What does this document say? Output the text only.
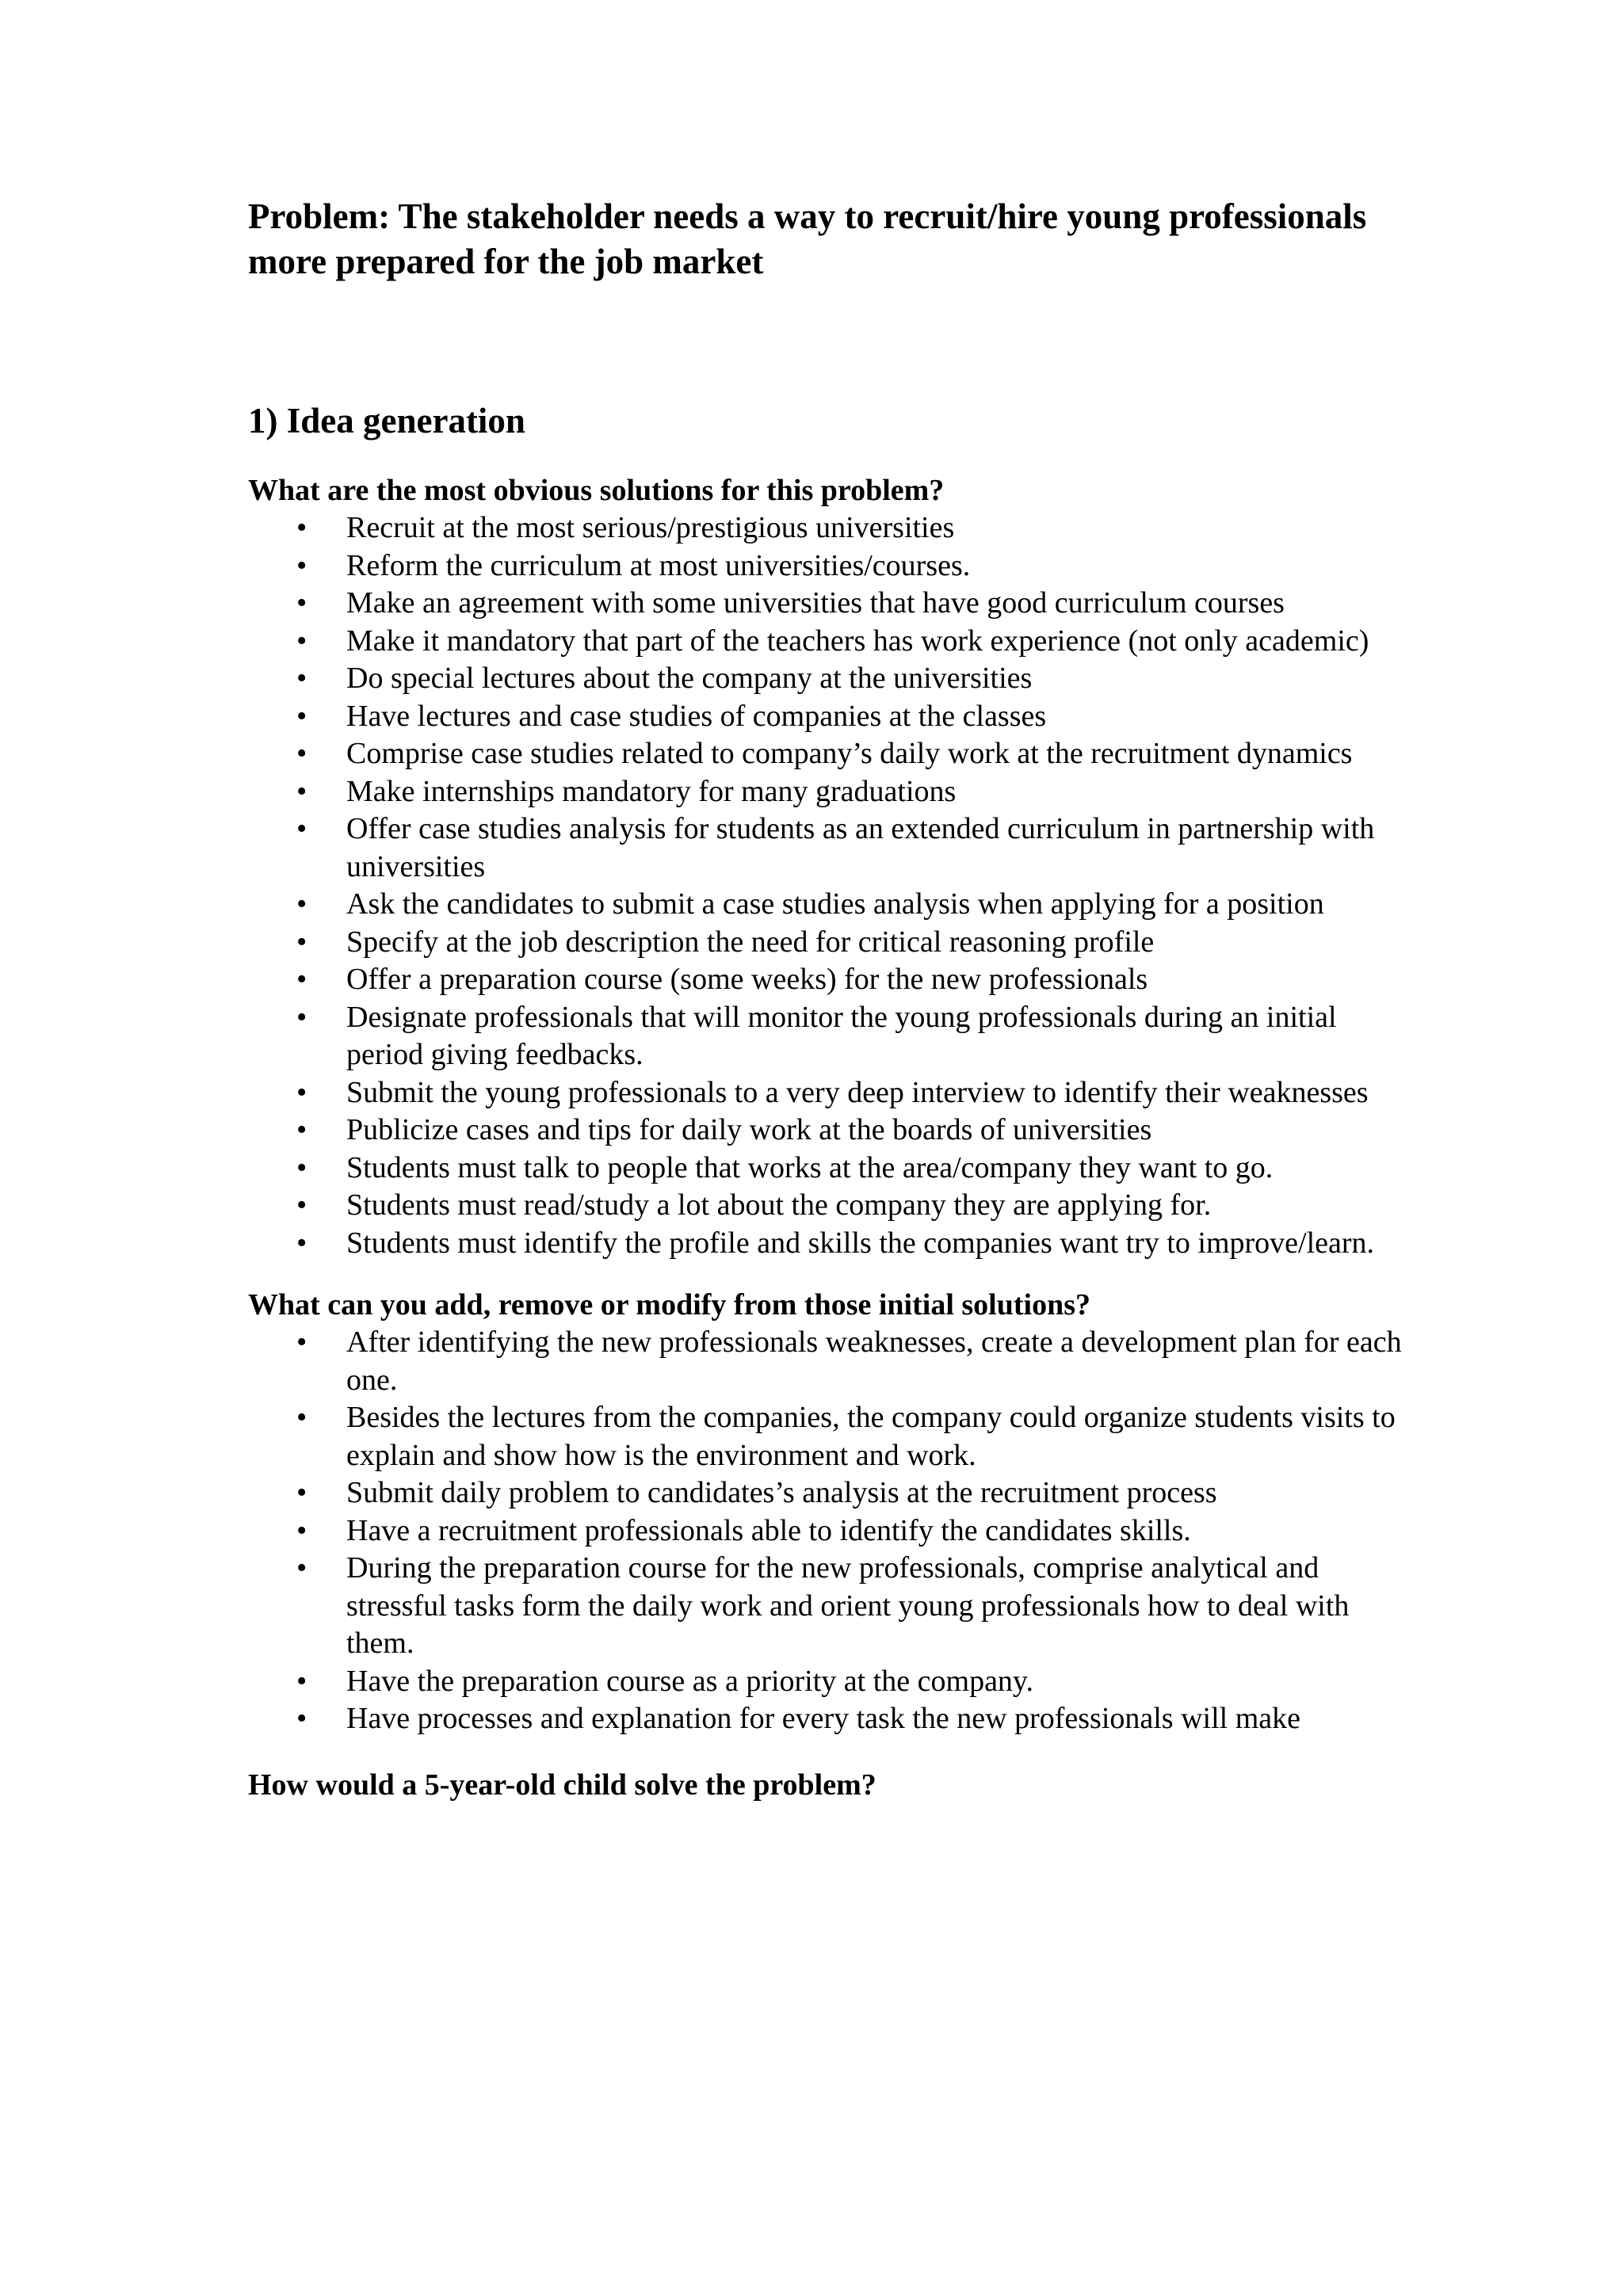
Problem: The stakeholder needs a way to recruit/hire young professionals more prepared for the job market
1) Idea generation
What are the most obvious solutions for this problem?
• Recruit at the most serious/prestigious universities
• Reform the curriculum at most universities/courses.
• Make an agreement with some universities that have good curriculum courses
• Make it mandatory that part of the teachers has work experience (not only academic)
• Do special lectures about the company at the universities
• Have lectures and case studies of companies at the classes
• Comprise case studies related to company’s daily work at the recruitment dynamics
• Make internships mandatory for many graduations
• Offer case studies analysis for students as an extended curriculum in partnership with universities
• Ask the candidates to submit a case studies analysis when applying for a position
• Specify at the job description the need for critical reasoning profile
• Offer a preparation course (some weeks) for the new professionals
• Designate professionals that will monitor the young professionals during an initial period giving feedbacks.
• Submit the young professionals to a very deep interview to identify their weaknesses
• Publicize cases and tips for daily work at the boards of universities
• Students must talk to people that works at the area/company they want to go.
• Students must read/study a lot about the company they are applying for.
• Students must identify the profile and skills the companies want try to improve/learn.
What can you add, remove or modify from those initial solutions?
• After identifying the new professionals weaknesses, create a development plan for each one.
• Besides the lectures from the companies, the company could organize students visits to explain and show how is the environment and work.
• Submit daily problem to candidates’s analysis at the recruitment process
• Have a recruitment professionals able to identify the candidates skills.
• During the preparation course for the new professionals, comprise analytical and stressful tasks form the daily work and orient young professionals how to deal with them.
• Have the preparation course as a priority at the company.
• Have processes and explanation for every task the new professionals will make
How would a 5-year-old child solve the problem?
